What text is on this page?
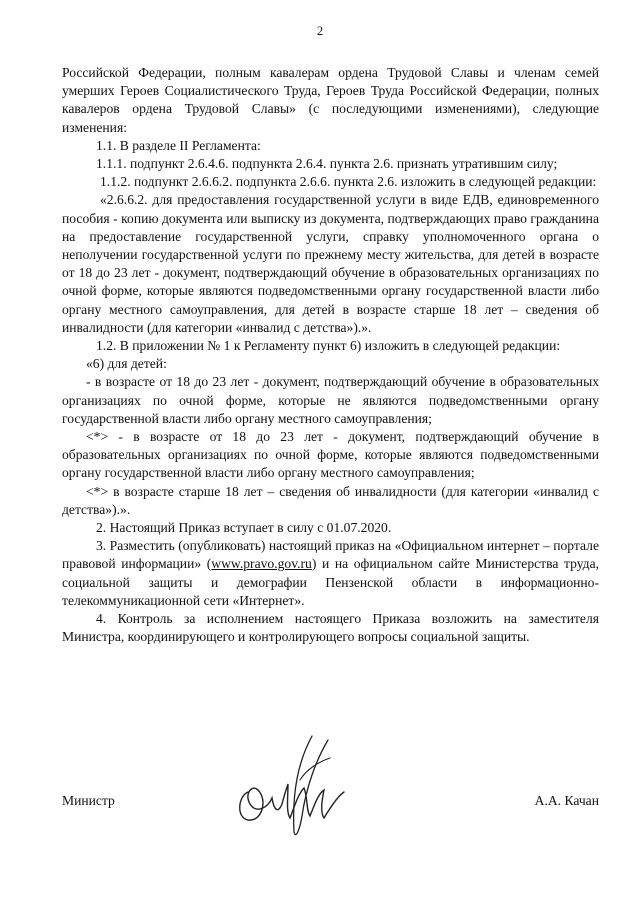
2

Российской Федерации, полным кавалерам ордена Трудовой Славы и членам семей умерших Героев Социалистического Труда, Героев Труда Российской Федерации, полных кавалеров ордена Трудовой Славы» (с последующими изменениями), следующие изменения:

1.1. В разделе II Регламента:

1.1.1. подпункт 2.6.4.6. подпункта 2.6.4. пункта 2.6. признать утратившим силу;

1.1.2. подпункт 2.6.6.2. подпункта 2.6.6. пункта 2.6. изложить в следующей редакции:

«2.6.6.2. для предоставления государственной услуги в виде ЕДВ, единовременного пособия - копию документа или выписку из документа, подтверждающих право гражданина на предоставление государственной услуги, справку уполномоченного органа о неполучении государственной услуги по прежнему месту жительства, для детей в возрасте от 18 до 23 лет - документ, подтверждающий обучение в образовательных организациях по очной форме, которые являются подведомственными органу государственной власти либо органу местного самоуправления, для детей в возрасте старше 18 лет – сведения об инвалидности (для категории «инвалид с детства»).».

1.2. В приложении № 1 к Регламенту пункт 6) изложить в следующей редакции:

«6) для детей:

- в возрасте от 18 до 23 лет - документ, подтверждающий обучение в образовательных организациях по очной форме, которые не являются подведомственными органу государственной власти либо органу местного самоуправления;

<*> - в возрасте от 18 до 23 лет - документ, подтверждающий обучение в образовательных организациях по очной форме, которые являются подведомственными органу государственной власти либо органу местного самоуправления;

<*> в возрасте старше 18 лет – сведения об инвалидности (для категории «инвалид с детства»).».

2. Настоящий Приказ вступает в силу с 01.07.2020.

3. Разместить (опубликовать) настоящий приказ на «Официальном интернет – портале правовой информации» (www.pravo.gov.ru) и на официальном сайте Министерства труда, социальной защиты и демографии Пензенской области в информационно-телекоммуникационной сети «Интернет».

4. Контроль за исполнением настоящего Приказа возложить на заместителя Министра, координирующего и контролирующего вопросы социальной защиты.

Министр	А.А. Качан
